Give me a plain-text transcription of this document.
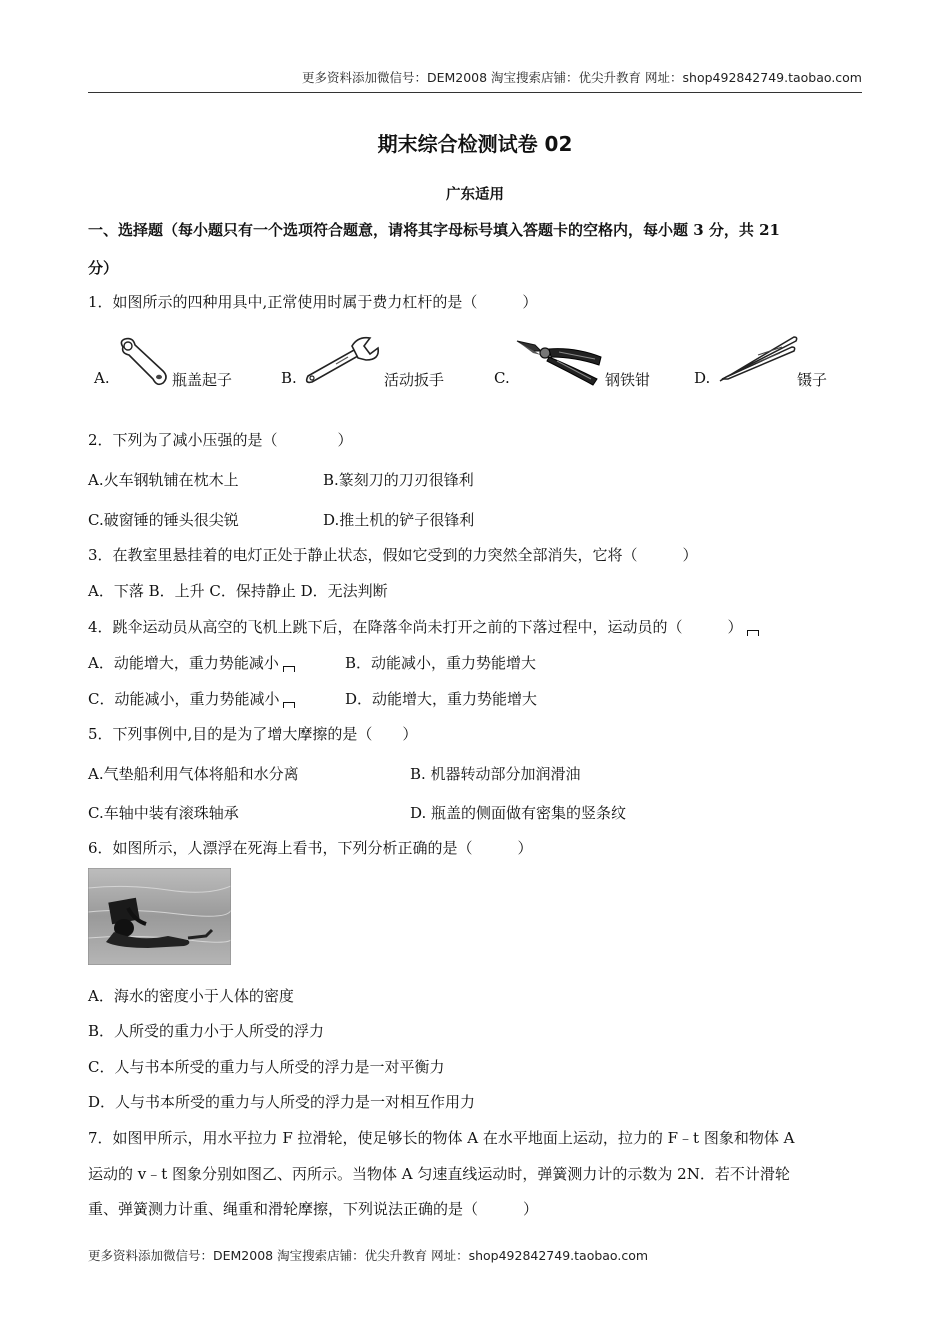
更多资料添加微信号：DEM2008 淘宝搜索店铺：优尖升教育 网址：shop492842749.taobao.com
期末综合检测试卷 02
广东适用
一、选择题（每小题只有一个选项符合题意，请将其字母标号填入答题卡的空格内，每小题 3 分，共 21
分）
1．如图所示的四种用具中,正常使用时属于费力杠杆的是（　　　）
A.	瓶盖起子	B.	活动扳手	C.	钢铁钳	D.	镊子
2．下列为了减小压强的是（　　　　）
A.火车钢轨铺在枕木上	B.篆刻刀的刀刃很锋利
C.破窗锤的锤头很尖锐	D.推土机的铲子很锋利
3．在教室里悬挂着的电灯正处于静止状态，假如它受到的力突然全部消失，它将（　　　）
A．下落 B．上升 C．保持静止 D．无法判断
4．跳伞运动员从高空的飞机上跳下后，在降落伞尚未打开之前的下落过程中，运动员的（　　　）
A．动能增大，重力势能减小	B．动能减小，重力势能增大
C．动能减小，重力势能减小	D．动能增大，重力势能增大
5．下列事例中,目的是为了增大摩擦的是（　　）
A.气垫船利用气体将船和水分离	B. 机器转动部分加润滑油
C.车轴中装有滚珠轴承	D. 瓶盖的侧面做有密集的竖条纹
6．如图所示，人漂浮在死海上看书，下列分析正确的是（　　　）
A．海水的密度小于人体的密度
B．人所受的重力小于人所受的浮力
C．人与书本所受的重力与人所受的浮力是一对平衡力
D．人与书本所受的重力与人所受的浮力是一对相互作用力
7．如图甲所示，用水平拉力 F 拉滑轮，使足够长的物体 A 在水平地面上运动，拉力的 F﹣t 图象和物体 A
运动的 v﹣t 图象分别如图乙、丙所示。当物体 A 匀速直线运动时，弹簧测力计的示数为 2N．若不计滑轮
重、弹簧测力计重、绳重和滑轮摩擦，下列说法正确的是（　　　）
更多资料添加微信号：DEM2008 淘宝搜索店铺：优尖升教育 网址：shop492842749.taobao.com
